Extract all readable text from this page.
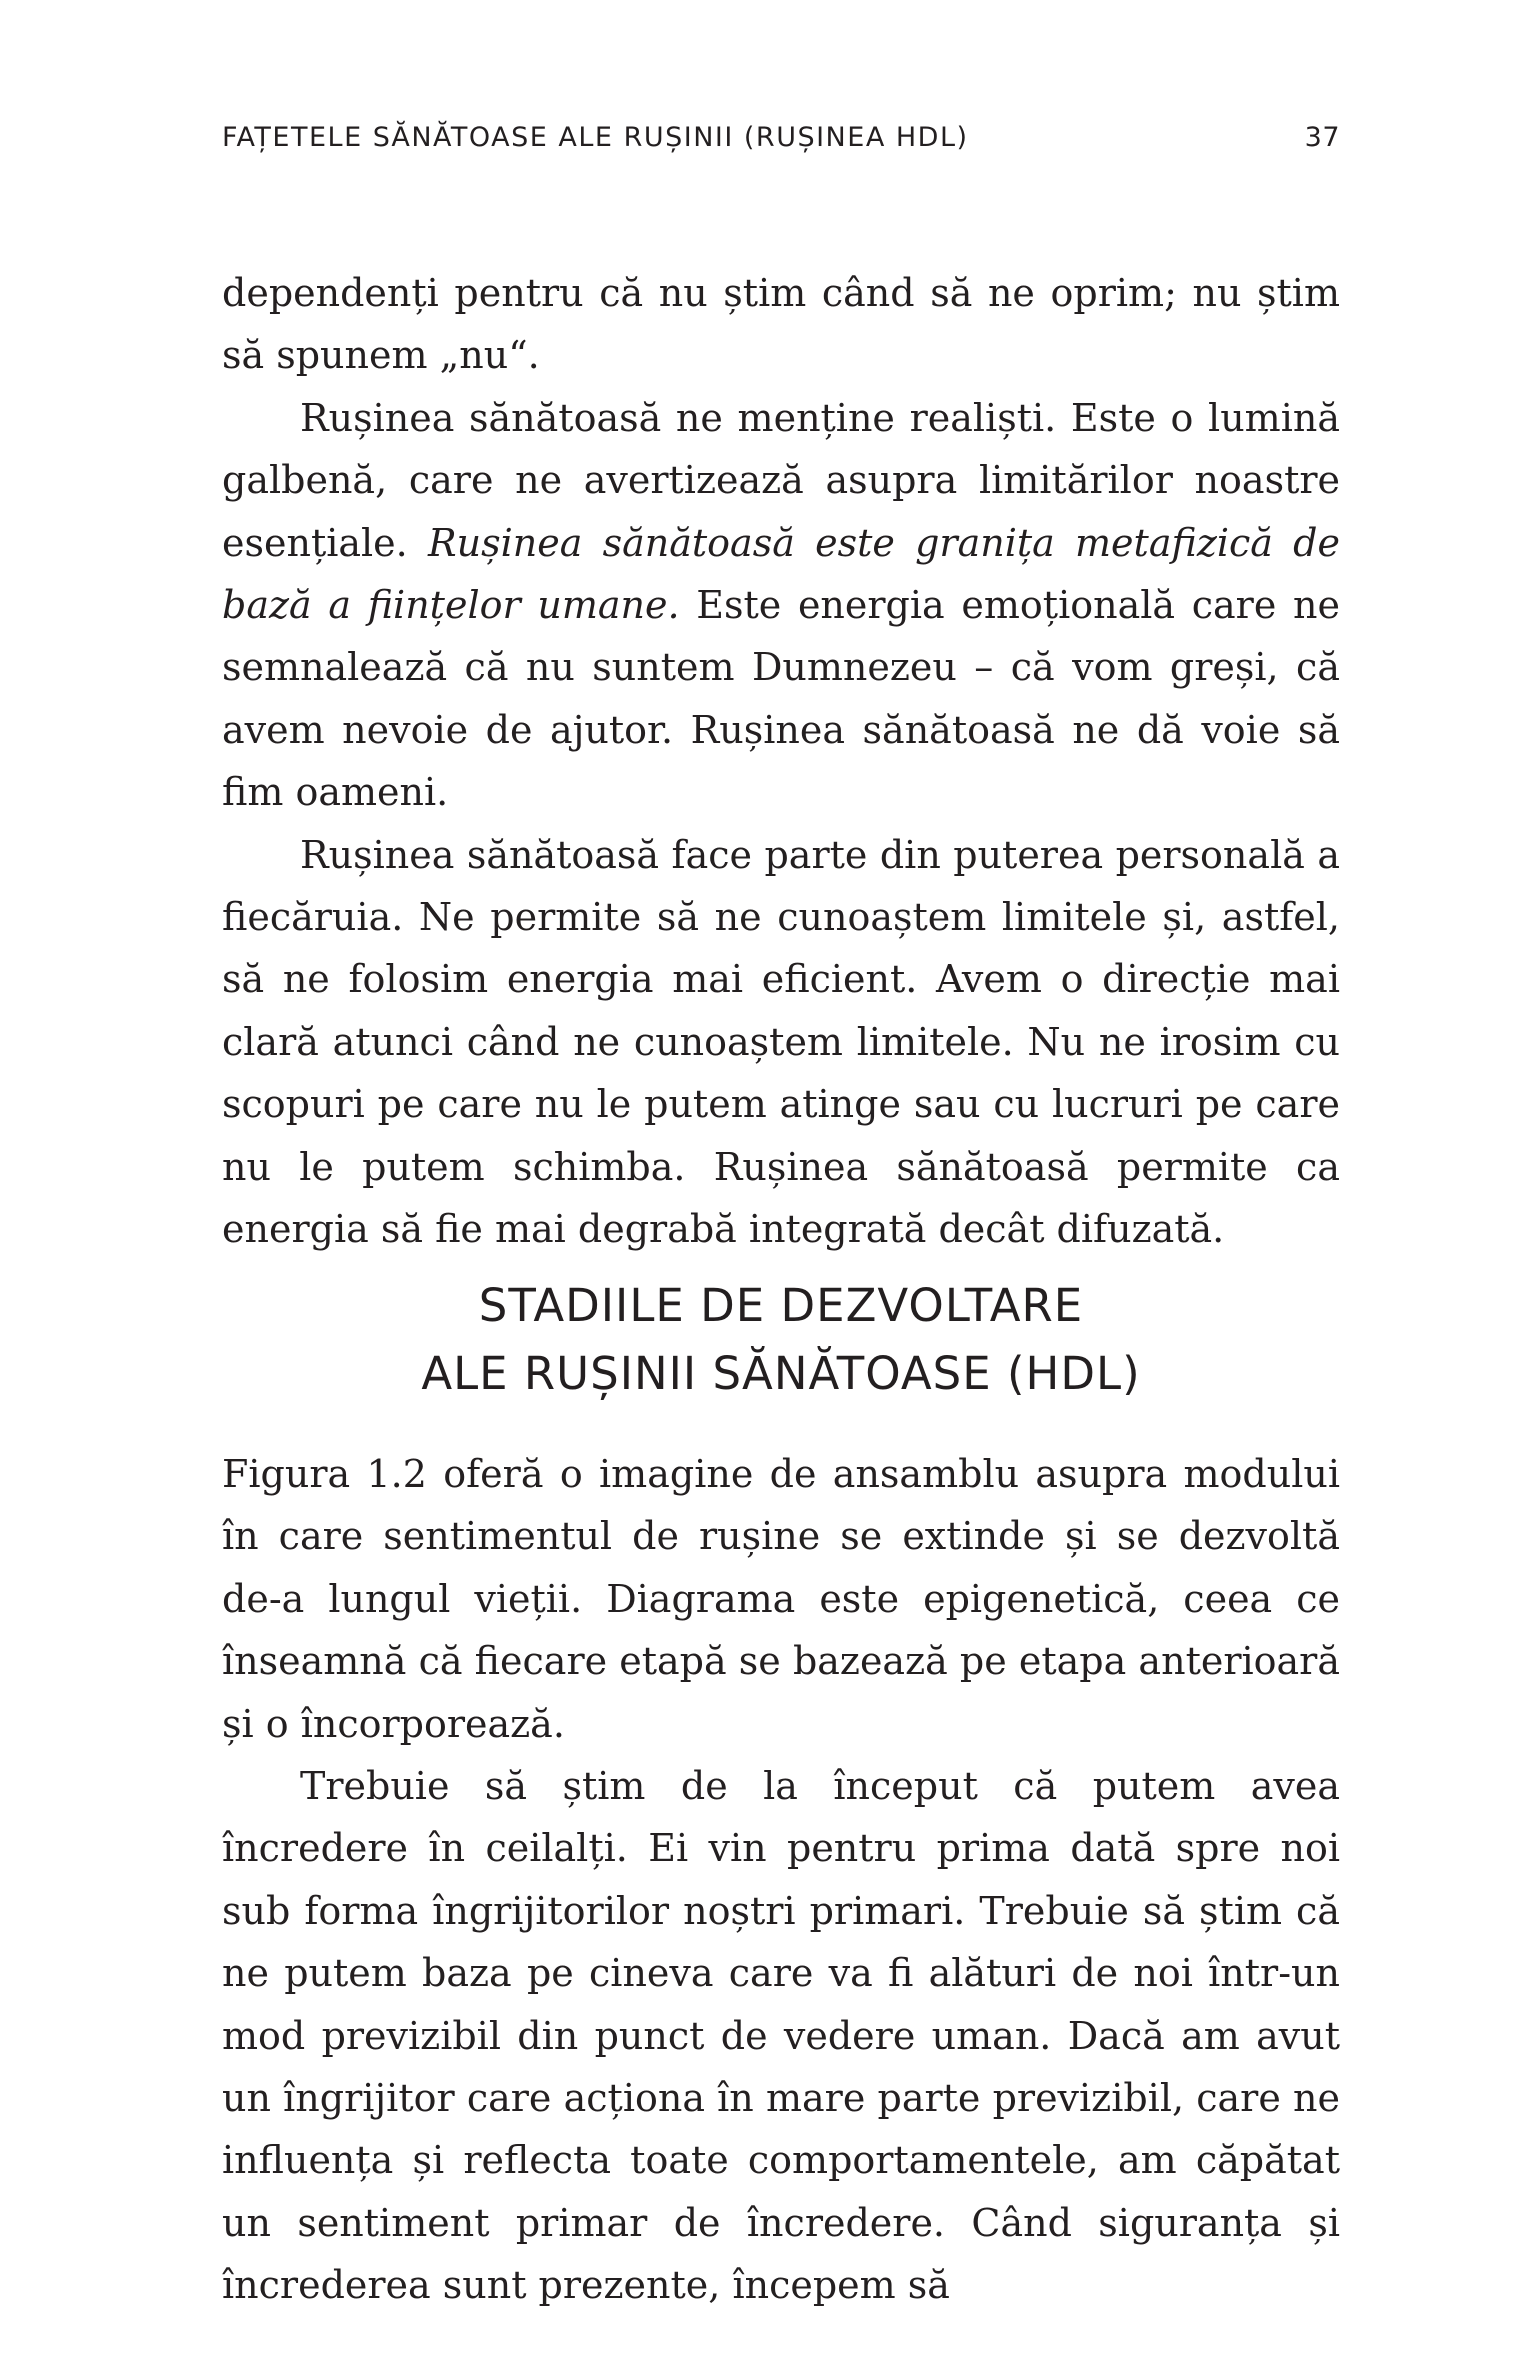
FAȚETELE SĂNĂTOASE ALE RUȘINII (RUȘINEA HDL)	37

dependenți pentru că nu știm când să ne oprim; nu știm să spunem „nu“.

Rușinea sănătoasă ne menține realiști. Este o lumină galbenă, care ne avertizează asupra limitărilor noastre esențiale. Rușinea sănătoasă este granița metafizică de bază a ființelor umane. Este energia emoțională care ne semnalează că nu suntem Dumnezeu – că vom greși, că avem nevoie de ajutor. Rușinea sănătoasă ne dă voie să fim oameni.

Rușinea sănătoasă face parte din puterea personală a fiecăruia. Ne permite să ne cunoaștem limitele și, astfel, să ne folosim energia mai eficient. Avem o direcție mai clară atunci când ne cunoaștem limitele. Nu ne irosim cu scopuri pe care nu le putem atinge sau cu lucruri pe care nu le putem schimba. Rușinea sănătoasă permite ca energia să fie mai degrabă integrată decât difuzată.

STADIILE DE DEZVOLTARE
ALE RUȘINII SĂNĂTOASE (HDL)

Figura 1.2 oferă o imagine de ansamblu asupra modului în care sentimentul de rușine se extinde și se dezvoltă de-a lungul vieții. Diagrama este epigenetică, ceea ce înseamnă că fiecare etapă se bazează pe etapa anterioară și o încorporează.

Trebuie să știm de la început că putem avea încredere în ceilalți. Ei vin pentru prima dată spre noi sub forma îngrijitorilor noștri primari. Trebuie să știm că ne putem baza pe cineva care va fi alături de noi într-un mod previzibil din punct de vedere uman. Dacă am avut un îngrijitor care acționa în mare parte previzibil, care ne influența și reflecta toate comportamentele, am căpătat un sentiment primar de încredere. Când siguranța și încrederea sunt prezente, începem să
